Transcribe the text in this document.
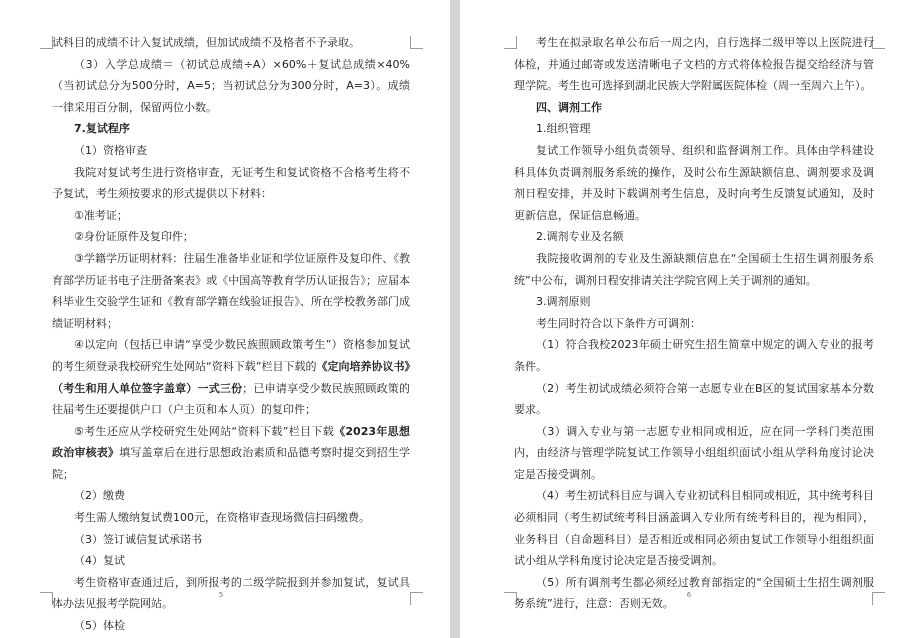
试科目的成绩不计入复试成绩，但加试成绩不及格者不予录取。

（3）入学总成绩＝（初试总成绩÷A）×60%＋复试总成绩×40%（当初试总分为500分时，A=5；当初试总分为300分时，A=3）。成绩一律采用百分制，保留两位小数。

7.复试程序

（1）资格审查

我院对复试考生进行资格审查，无证考生和复试资格不合格考生将不予复试，考生须按要求的形式提供以下材料：

①准考证；

②身份证原件及复印件；

③学籍学历证明材料：往届生准备毕业证和学位证原件及复印件、《教育部学历证书电子注册备案表》或《中国高等教育学历认证报告》；应届本科毕业生交验学生证和《教育部学籍在线验证报告》、所在学校教务部门成绩证明材料；

④以定向（包括已申请“享受少数民族照顾政策考生”）资格参加复试的考生须登录我校研究生处网站“资料下载”栏目下载的《定向培养协议书》（考生和用人单位签字盖章）一式三份；已申请享受少数民族照顾政策的往届考生还要提供户口（户主页和本人页）的复印件；

⑤考生还应从学校研究生处网站“资料下载”栏目下载《2023年思想政治审核表》填写盖章后在进行思想政治素质和品德考察时提交到招生学院；

（2）缴费

考生需人缴纳复试费100元，在资格审查现场微信扫码缴费。

（3）签订诚信复试承诺书

（4）复试

考生资格审查通过后，到所报考的二级学院报到并参加复试，复试具体办法见报考学院网站。

（5）体检

5

考生在拟录取名单公布后一周之内，自行选择二级甲等以上医院进行体检，并通过邮寄或发送清晰电子文档的方式将体检报告提交给经济与管理学院。考生也可选择到湖北民族大学附属医院体检（周一至周六上午）。

四、调剂工作

1.组织管理

复试工作领导小组负责领导、组织和监督调剂工作。具体由学科建设科具体负责调剂服务系统的操作，及时公布生源缺额信息、调剂要求及调剂日程安排，并及时下载调剂考生信息，及时向考生反馈复试通知，及时更新信息，保证信息畅通。

2.调剂专业及名额

我院接收调剂的专业及生源缺额信息在“全国硕士生招生调剂服务系统”中公布，调剂日程安排请关注学院官网上关于调剂的通知。

3.调剂原则

考生同时符合以下条件方可调剂：

（1）符合我校2023年硕士研究生招生简章中规定的调入专业的报考条件。

（2）考生初试成绩必须符合第一志愿专业在B区的复试国家基本分数要求。

（3）调入专业与第一志愿专业相同或相近，应在同一学科门类范围内，由经济与管理学院复试工作领导小组组织面试小组从学科角度讨论决定是否接受调剂。

（4）考生初试科目应与调入专业初试科目相同或相近，其中统考科目必须相同（考生初试统考科目涵盖调入专业所有统考科目的，视为相同），业务科目（自命题科目）是否相近或相同必须由复试工作领导小组组织面试小组从学科角度讨论决定是否接受调剂。

（5）所有调剂考生都必须经过教育部指定的“全国硕士生招生调剂服务系统”进行，注意：否则无效。

6
